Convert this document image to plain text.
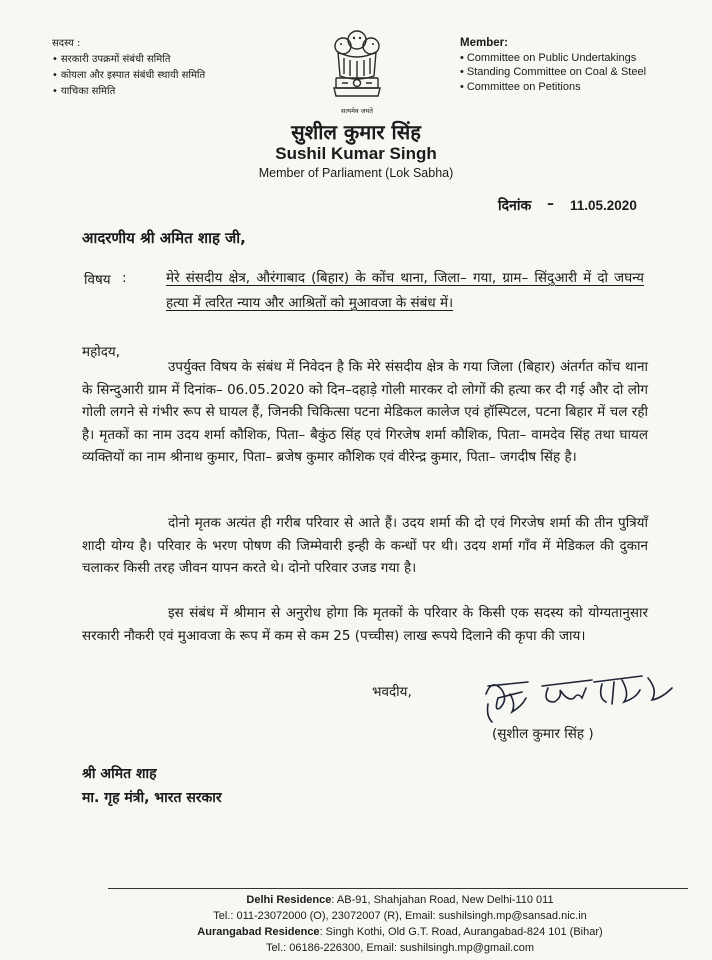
सदस्य :
• सरकारी उपक्रमों संबंधी समिति
• कोयला और इस्पात संबंधी स्थायी समिति
• याचिका समिति
सत्यमेव जयते
Member:
• Committee on Public Undertakings
• Standing Committee on Coal & Steel
• Committee on Petitions
सुशील कुमार सिंह
Sushil Kumar Singh
Member of Parliament (Lok Sabha)
दिनांक – 11.05.2020
आदरणीय श्री अमित शाह जी,
विषय :	मेरे संसदीय क्षेत्र, औरंगाबाद (बिहार) के कोंच थाना, जिला– गया, ग्राम– सिंदुआरी में दो जघन्य हत्या में त्वरित न्याय और आश्रितों को मुआवजा के संबंध में।
महोदय,
उपर्युक्त विषय के संबंध में निवेदन है कि मेरे संसदीय क्षेत्र के गया जिला (बिहार) अंतर्गत कोंच थाना के सिन्दुआरी ग्राम में दिनांक– 06.05.2020 को दिन–दहाड़े गोली मारकर दो लोगों की हत्या कर दी गई और दो लोग गोली लगने से गंभीर रूप से घायल हैं, जिनकी चिकित्सा पटना मेडिकल कालेज एवं हॉस्पिटल, पटना बिहार में चल रही है। मृतकों का नाम उदय शर्मा कौशिक, पिता– बैकुंठ सिंह एवं गिरजेष शर्मा कौशिक, पिता– वामदेव सिंह तथा घायल व्यक्तियों का नाम श्रीनाथ कुमार, पिता– ब्रजेष कुमार कौशिक एवं वीरेन्द्र कुमार, पिता– जगदीष सिंह है।
दोनो मृतक अत्यंत ही गरीब परिवार से आते हैं। उदय शर्मा की दो एवं गिरजेष शर्मा की तीन पुत्रियाँ शादी योग्य है। परिवार के भरण पोषण की जिम्मेवारी इन्ही के कन्धों पर थी। उदय शर्मा गाँव में मेडिकल की दुकान चलाकर किसी तरह जीवन यापन करते थे। दोनो परिवार उजड गया है।
इस संबंध में श्रीमान से अनुरोध होगा कि मृतकों के परिवार के किसी एक सदस्य को योग्यतानुसार सरकारी नौकरी एवं मुआवजा के रूप में कम से कम 25 (पच्चीस) लाख रूपये दिलाने की कृपा की जाय।
भवदीय,
(सुशील कुमार सिंह )
श्री अमित शाह
मा. गृह मंत्री, भारत सरकार
Delhi Residence: AB-91, Shahjahan Road, New Delhi-110 011
Tel.: 011-23072000 (O), 23072007 (R), Email: sushilsingh.mp@sansad.nic.in
Aurangabad Residence: Singh Kothi, Old G.T. Road, Aurangabad-824 101 (Bihar)
Tel.: 06186-226300, Email: sushilsingh.mp@gmail.com
